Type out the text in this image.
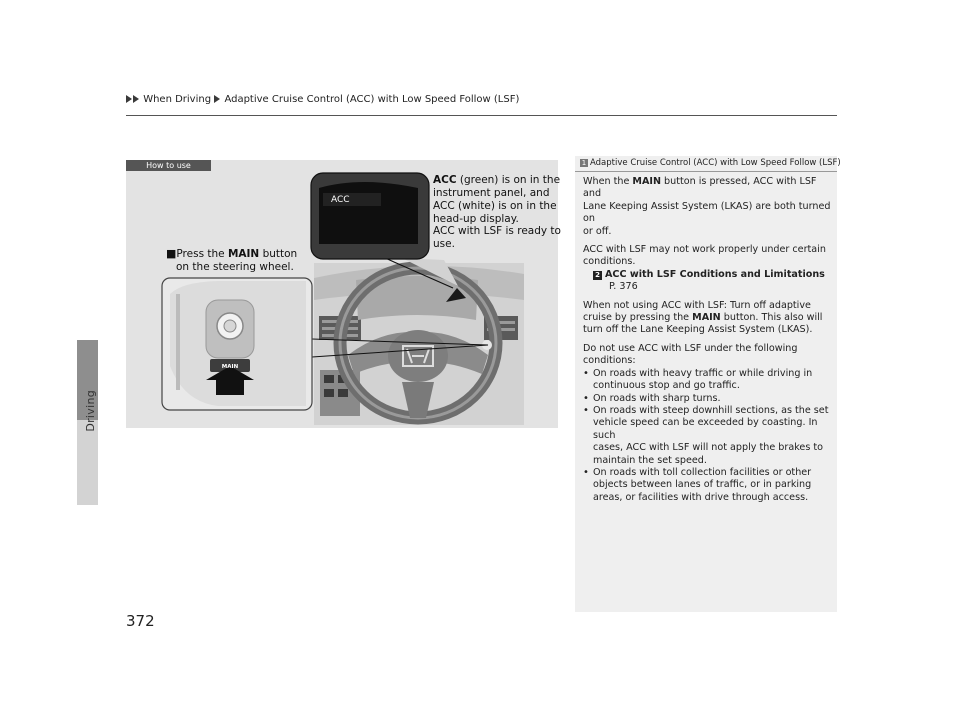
When Driving Adaptive Cruise Control (ACC) with Low Speed Follow (LSF)
Driving
How to use
ACC
MAIN
ACC (green) is on in the
instrument panel, and
ACC (white) is on in the
head-up display.
ACC with LSF is ready to
use.
■Press the MAIN button
on the steering wheel.
1 Adaptive Cruise Control (ACC) with Low Speed Follow (LSF)

When the MAIN button is pressed, ACC with LSF and
Lane Keeping Assist System (LKAS) are both turned on
or off.

ACC with LSF may not work properly under certain
conditions.
2 ACC with LSF Conditions and Limitations
P. 376

When not using ACC with LSF: Turn off adaptive
cruise by pressing the MAIN button. This also will
turn off the Lane Keeping Assist System (LKAS).

Do not use ACC with LSF under the following
conditions:

• On roads with heavy traffic or while driving in
continuous stop and go traffic.
• On roads with sharp turns.
• On roads with steep downhill sections, as the set
vehicle speed can be exceeded by coasting. In such
cases, ACC with LSF will not apply the brakes to
maintain the set speed.
• On roads with toll collection facilities or other
objects between lanes of traffic, or in parking
areas, or facilities with drive through access.
372
